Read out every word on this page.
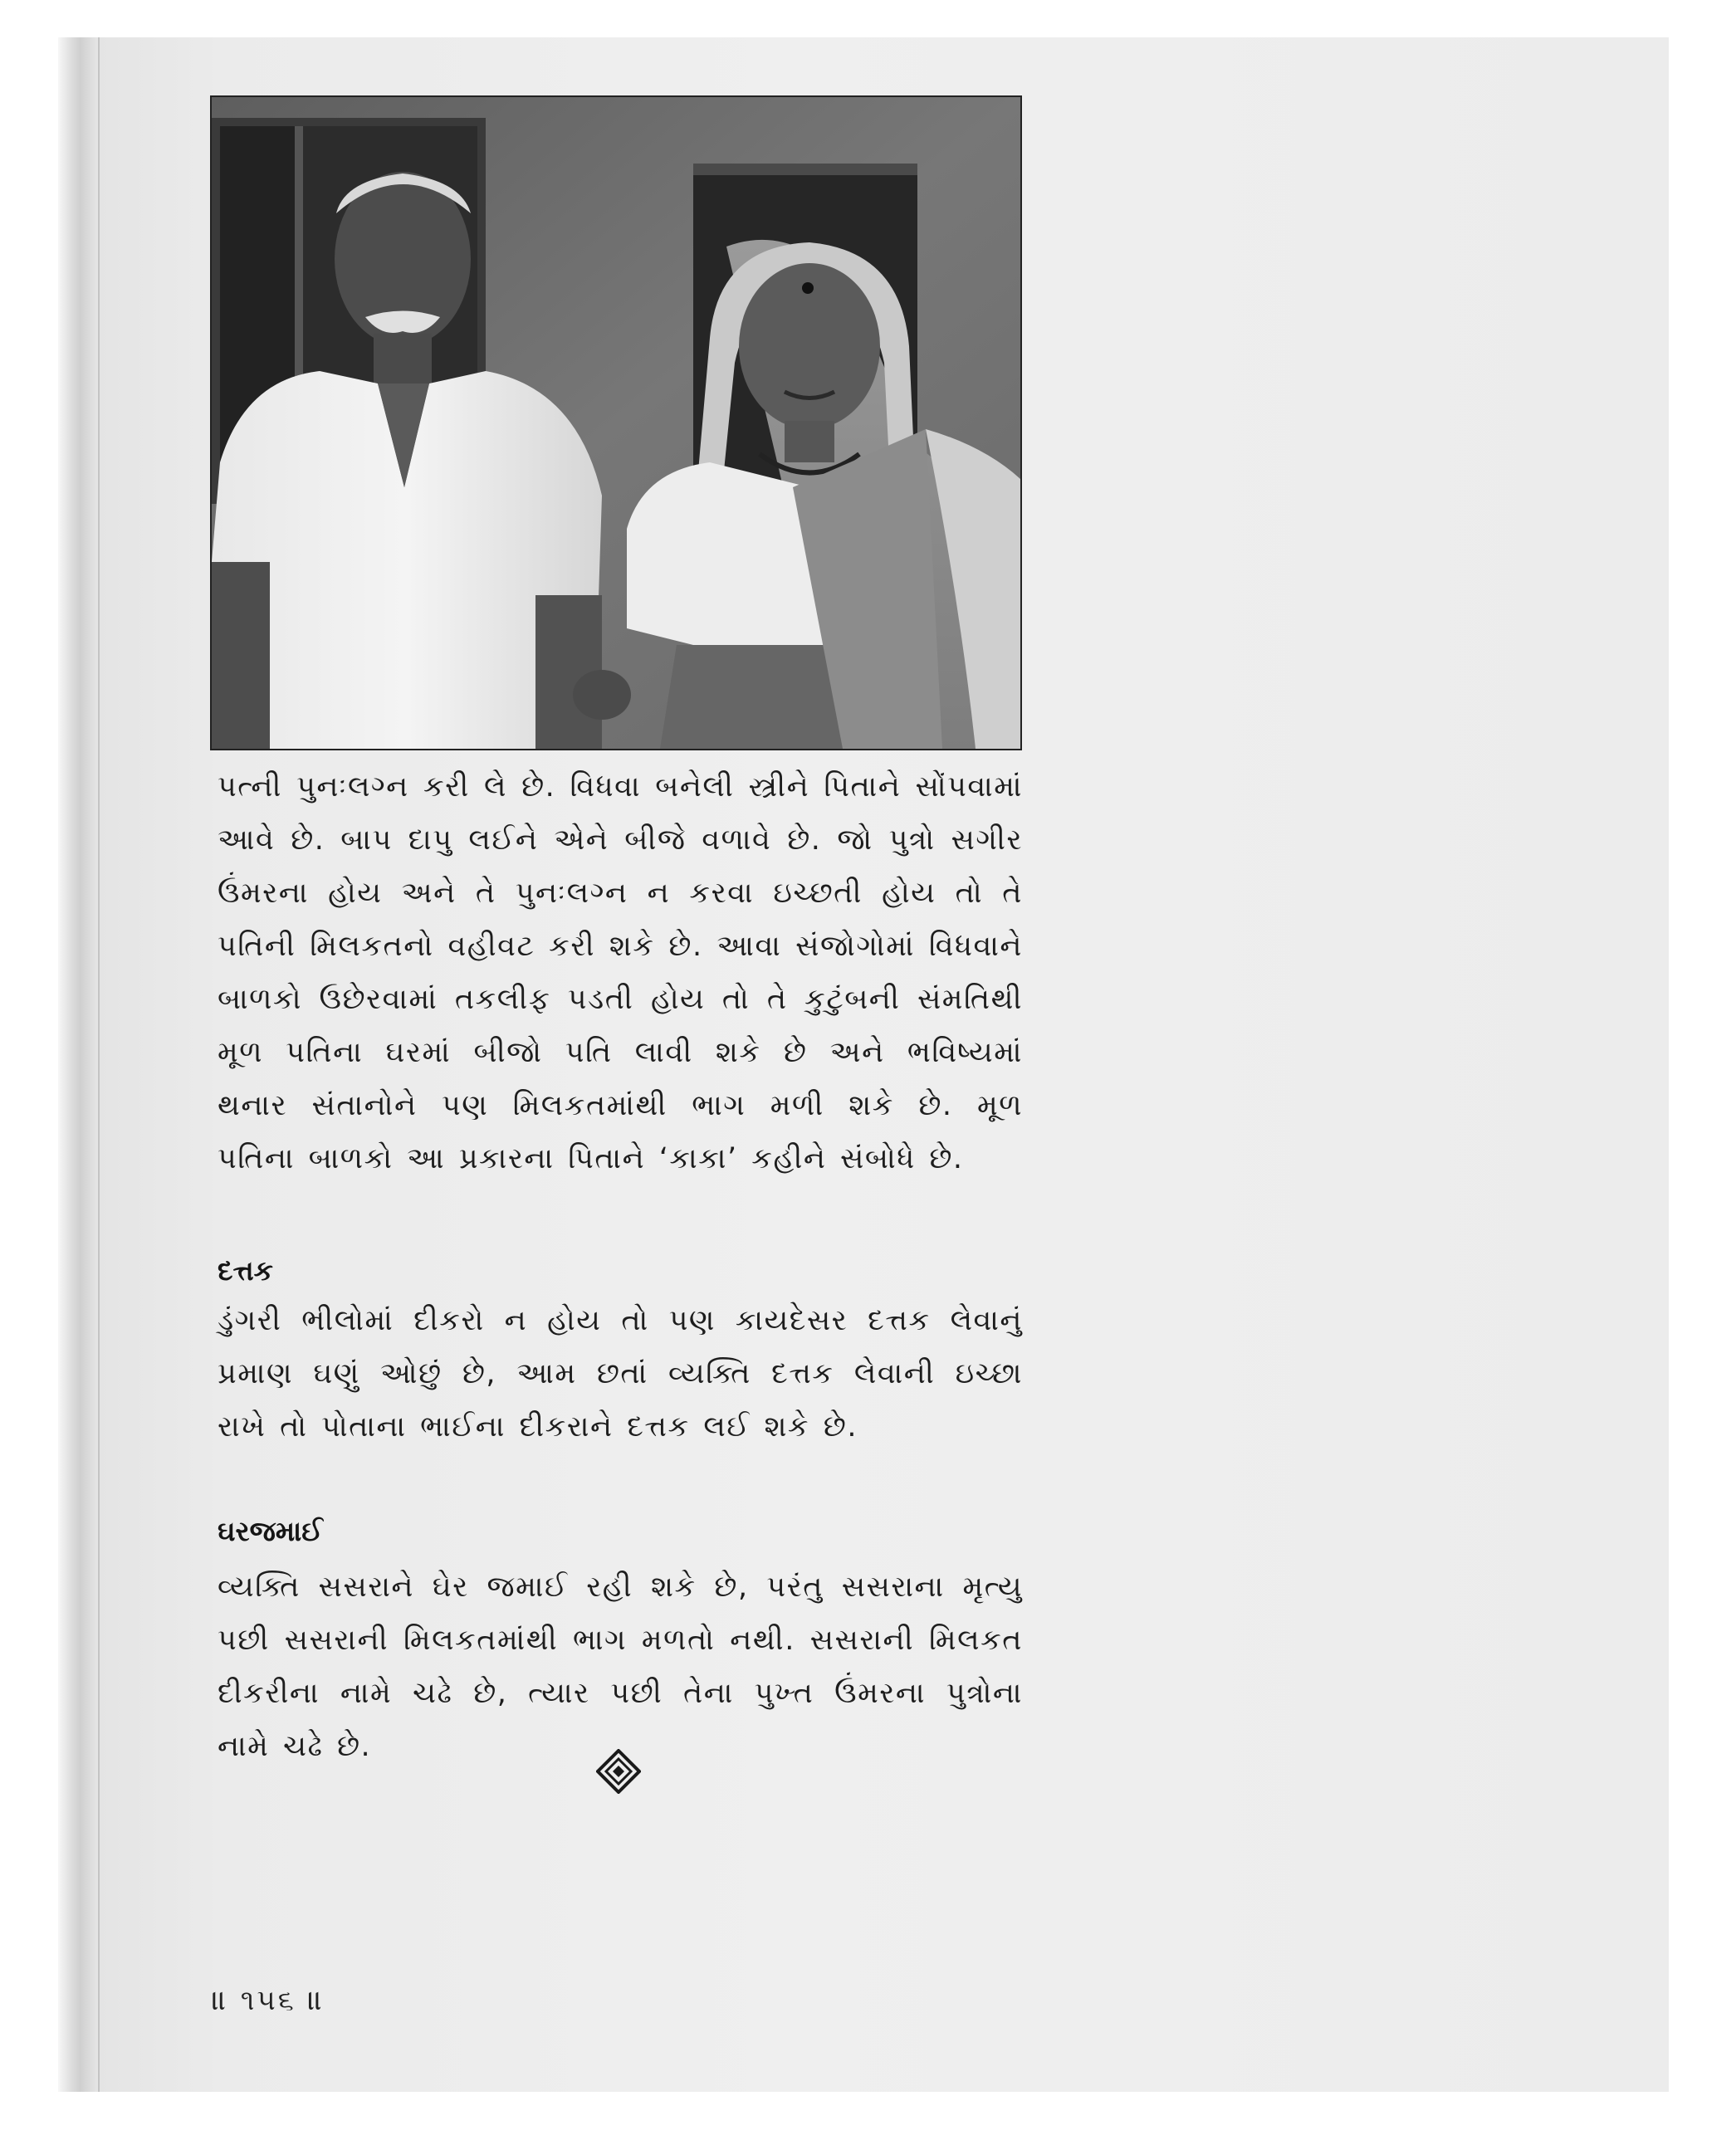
પત્ની પુનઃલગ્ન કરી લે છે. વિધવા બનેલી સ્ત્રીને પિતાને સોંપવામાં આવે છે. બાપ દાપુ લઈને એને બીજે વળાવે છે. જો પુત્રો સગીર ઉંમરના હોય અને તે પુનઃલગ્ન ન કરવા ઇચ્છતી હોય તો તે પતિની મિલકતનો વહીવટ કરી શકે છે. આવા સંજોગોમાં વિધવાને બાળકો ઉછેરવામાં તકલીફ પડતી હોય તો તે કુટુંબની સંમતિથી મૂળ પતિના ઘરમાં બીજો પતિ લાવી શકે છે અને ભવિષ્યમાં થનાર સંતાનોને પણ મિલકતમાંથી ભાગ મળી શકે છે. મૂળ પતિના બાળકો આ પ્રકારના પિતાને ‘કાકા’ કહીને સંબોધે છે.

દત્તક

ડુંગરી ભીલોમાં દીકરો ન હોય તો પણ કાયદેસર દત્તક લેવાનું પ્રમાણ ઘણું ઓછું છે, આમ છતાં વ્યક્તિ દત્તક લેવાની ઇચ્છા રાખે તો પોતાના ભાઈના દીકરાને દત્તક લઈ શકે છે.

ઘરજમાઈ

વ્યક્તિ સસરાને ઘેર જમાઈ રહી શકે છે, પરંતુ સસરાના મૃત્યુ પછી સસરાની મિલકતમાંથી ભાગ મળતો નથી. સસરાની મિલકત દીકરીના નામે ચઢે છે, ત્યાર પછી તેના પુખ્ત ઉંમરના પુત્રોના નામે ચઢે છે.

॥ ૧૫૬ ॥
